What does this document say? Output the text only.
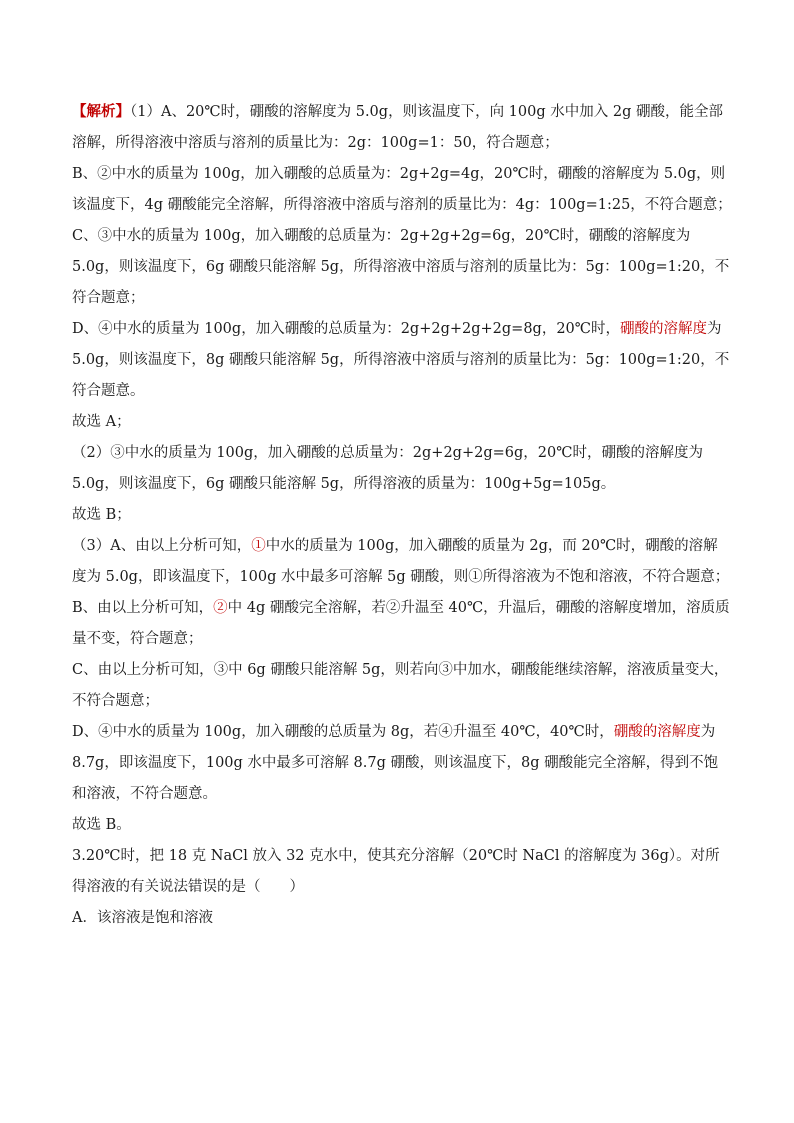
【解析】（1）A、20℃时，硼酸的溶解度为 5.0g，则该温度下，向 100g 水中加入 2g 硼酸，能全部溶解，所得溶液中溶质与溶剂的质量比为：2g：100g=1：50，符合题意；

B、②中水的质量为 100g，加入硼酸的总质量为：2g+2g=4g，20℃时，硼酸的溶解度为 5.0g，则该温度下，4g 硼酸能完全溶解，所得溶液中溶质与溶剂的质量比为：4g：100g=1:25，不符合题意；

C、③中水的质量为 100g，加入硼酸的总质量为：2g+2g+2g=6g，20℃时，硼酸的溶解度为 5.0g，则该温度下，6g 硼酸只能溶解 5g，所得溶液中溶质与溶剂的质量比为：5g：100g=1:20，不符合题意；

D、④中水的质量为 100g，加入硼酸的总质量为：2g+2g+2g+2g=8g，20℃时，硼酸的溶解度为 5.0g，则该温度下，8g 硼酸只能溶解 5g，所得溶液中溶质与溶剂的质量比为：5g：100g=1:20，不符合题意。

故选 A；

（2）③中水的质量为 100g，加入硼酸的总质量为：2g+2g+2g=6g，20℃时，硼酸的溶解度为 5.0g，则该温度下，6g 硼酸只能溶解 5g，所得溶液的质量为：100g+5g=105g。

故选 B；

（3）A、由以上分析可知，①中水的质量为 100g，加入硼酸的质量为 2g，而 20℃时，硼酸的溶解度为 5.0g，即该温度下，100g 水中最多可溶解 5g 硼酸，则①所得溶液为不饱和溶液，不符合题意；

B、由以上分析可知，②中 4g 硼酸完全溶解，若②升温至 40℃，升温后，硼酸的溶解度增加，溶质质量不变，符合题意；

C、由以上分析可知，③中 6g 硼酸只能溶解 5g，则若向③中加水，硼酸能继续溶解，溶液质量变大，不符合题意；

D、④中水的质量为 100g，加入硼酸的总质量为 8g，若④升温至 40℃，40℃时，硼酸的溶解度为 8.7g，即该温度下，100g 水中最多可溶解 8.7g 硼酸，则该温度下，8g 硼酸能完全溶解，得到不饱和溶液，不符合题意。

故选 B。

3.20℃时，把 18 克 NaCl 放入 32 克水中，使其充分溶解（20℃时 NaCl 的溶解度为 36g）。对所得溶液的有关说法错误的是（　　）

A．该溶液是饱和溶液
